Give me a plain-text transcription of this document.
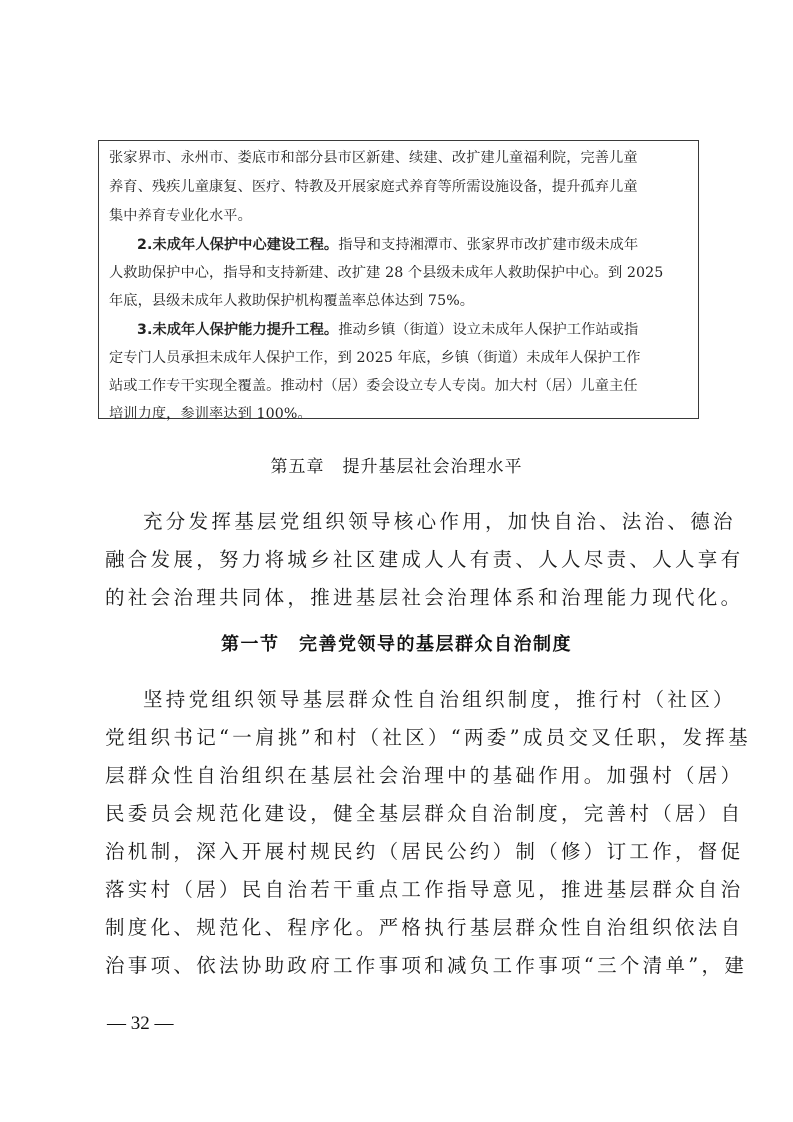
张家界市、永州市、娄底市和部分县市区新建、续建、改扩建儿童福利院，完善儿童
养育、残疾儿童康复、医疗、特教及开展家庭式养育等所需设施设备，提升孤弃儿童
集中养育专业化水平。
2.未成年人保护中心建设工程。指导和支持湘潭市、张家界市改扩建市级未成年
人救助保护中心，指导和支持新建、改扩建 28 个县级未成年人救助保护中心。到 2025
年底，县级未成年人救助保护机构覆盖率总体达到 75%。
3.未成年人保护能力提升工程。推动乡镇（街道）设立未成年人保护工作站或指
定专门人员承担未成年人保护工作，到 2025 年底，乡镇（街道）未成年人保护工作
站或工作专干实现全覆盖。推动村（居）委会设立专人专岗。加大村（居）儿童主任
培训力度，参训率达到 100%。
第五章　提升基层社会治理水平
充分发挥基层党组织领导核心作用，加快自治、法治、德治
融合发展，努力将城乡社区建成人人有责、人人尽责、人人享有
的社会治理共同体，推进基层社会治理体系和治理能力现代化。
第一节　完善党领导的基层群众自治制度
坚持党组织领导基层群众性自治组织制度，推行村（社区）
党组织书记“一肩挑”和村（社区）“两委”成员交叉任职，发挥基
层群众性自治组织在基层社会治理中的基础作用。加强村（居）
民委员会规范化建设，健全基层群众自治制度，完善村（居）自
治机制，深入开展村规民约（居民公约）制（修）订工作，督促
落实村（居）民自治若干重点工作指导意见，推进基层群众自治
制度化、规范化、程序化。严格执行基层群众性自治组织依法自
治事项、依法协助政府工作事项和减负工作事项“三个清单”，建
— 32 —
